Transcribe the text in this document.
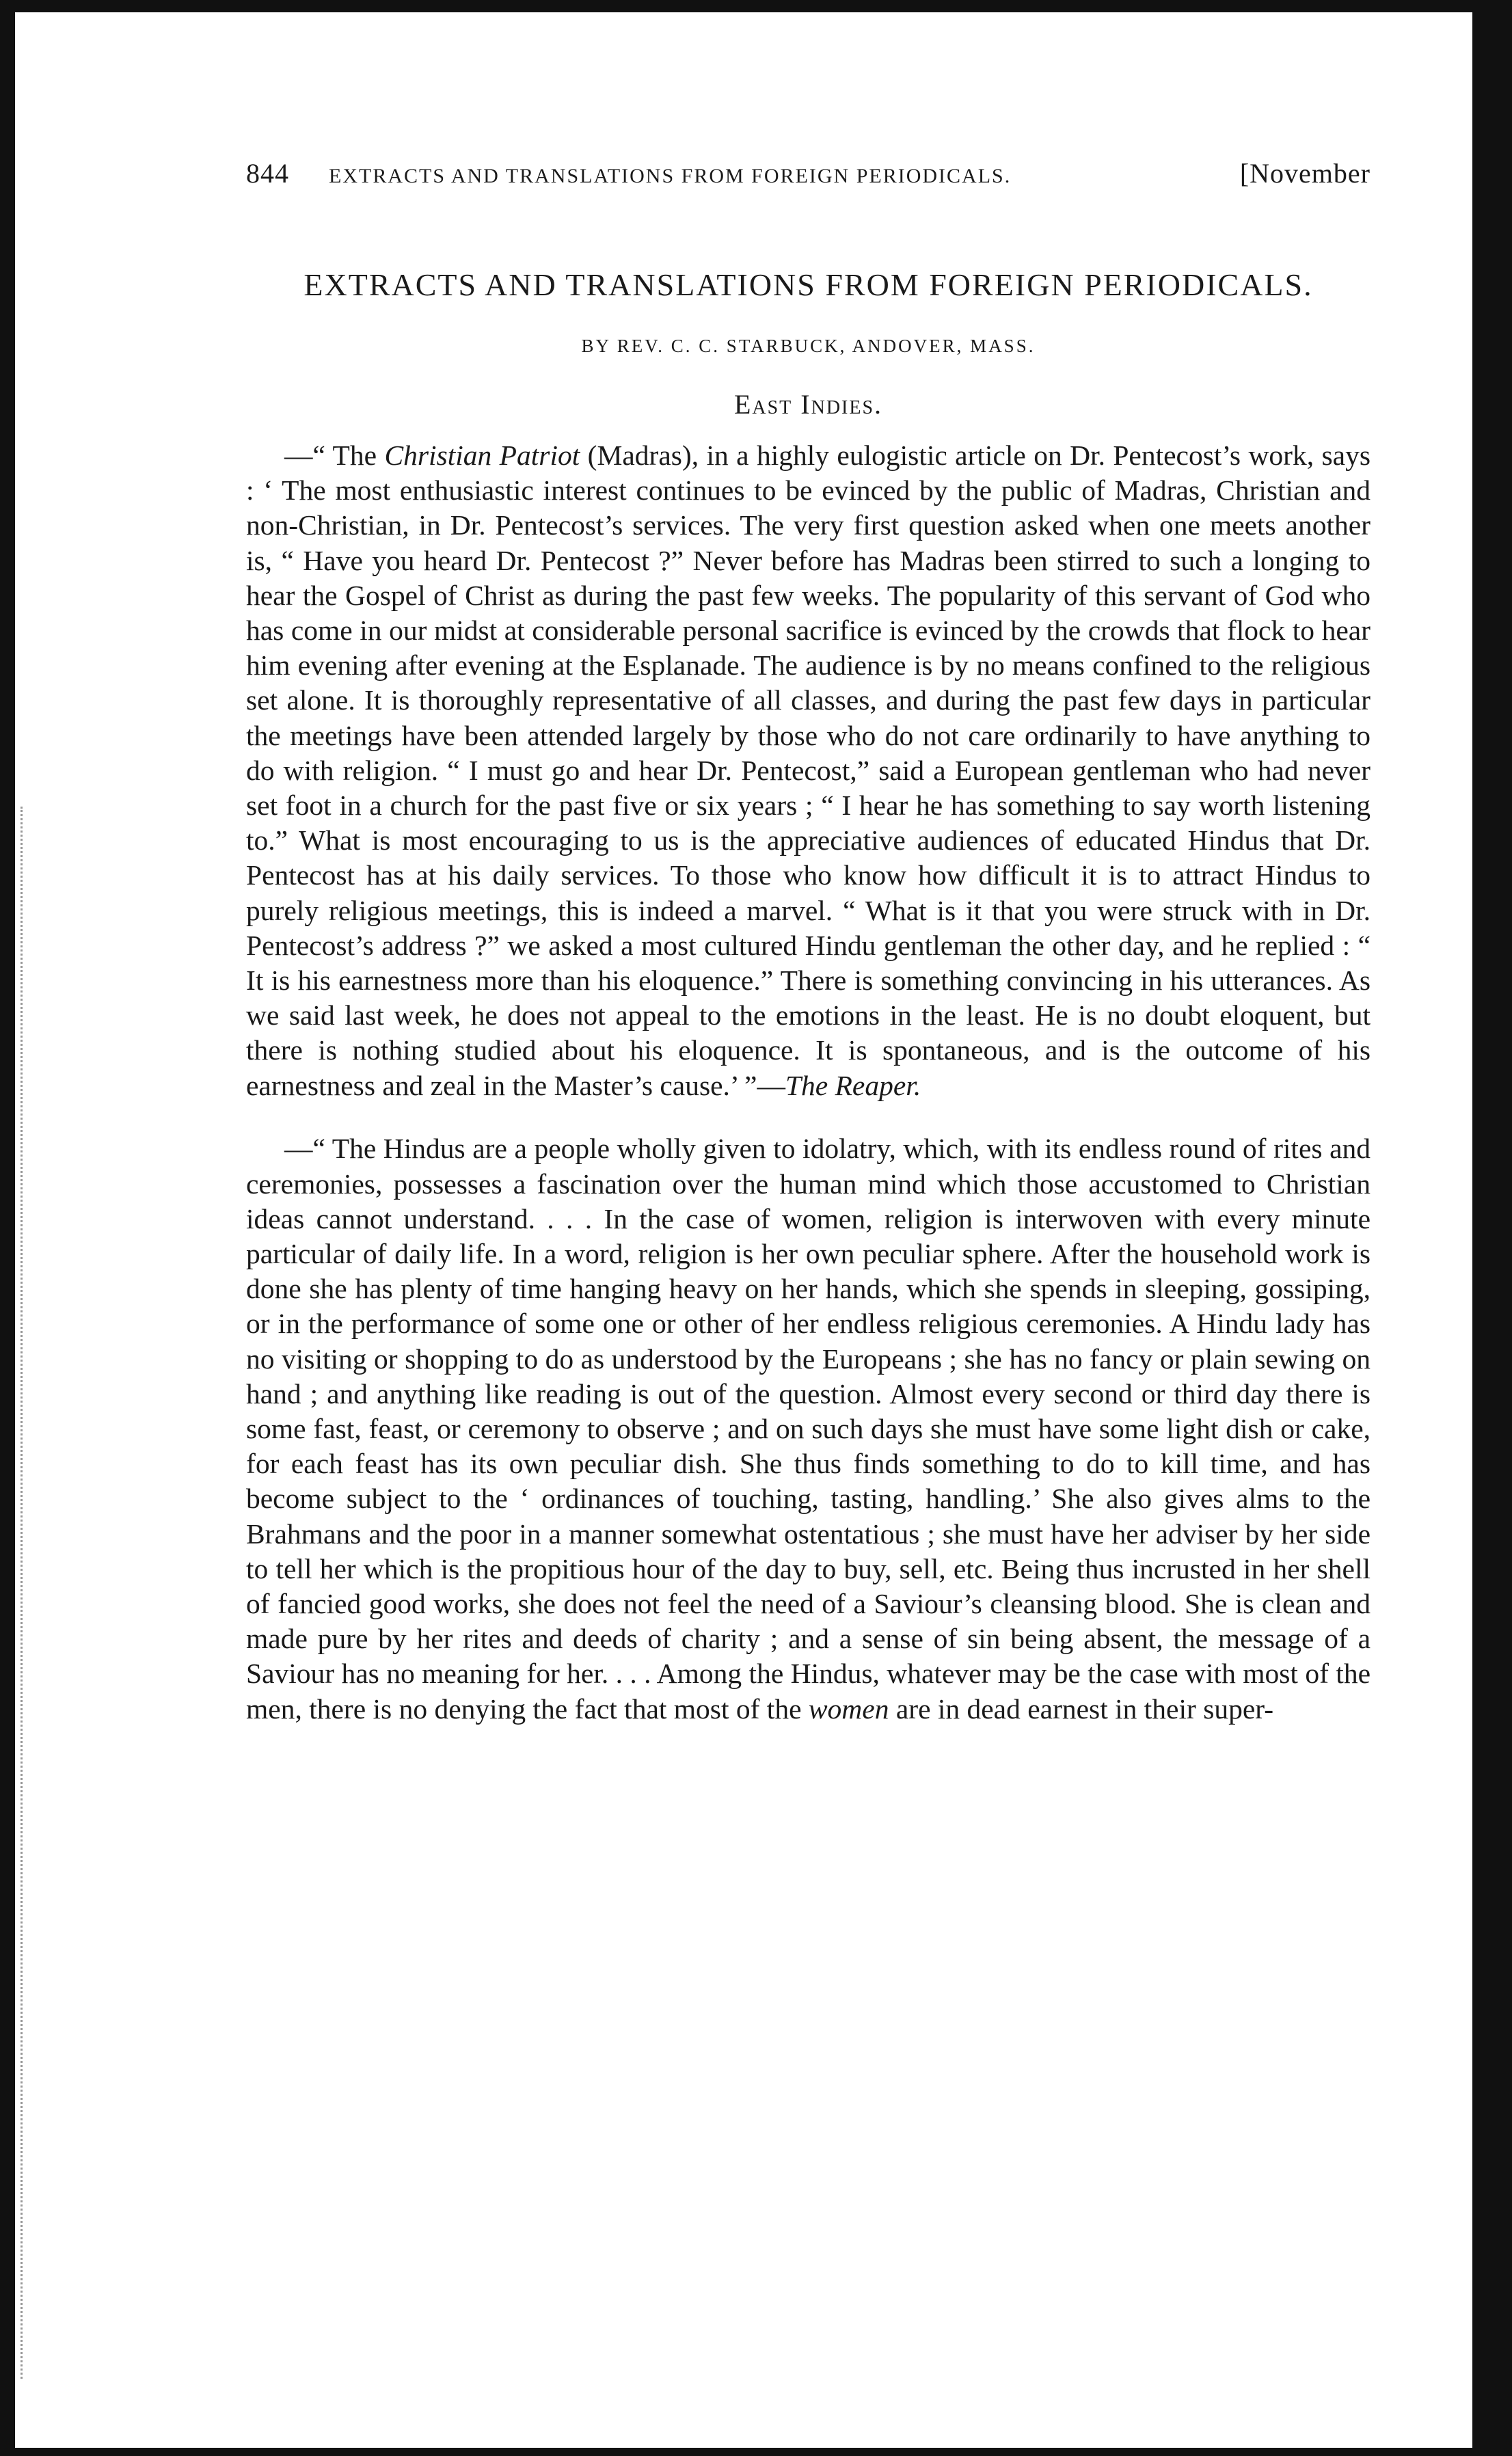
844 EXTRACTS AND TRANSLATIONS FROM FOREIGN PERIODICALS.	[November
EXTRACTS AND TRANSLATIONS FROM FOREIGN PERIODICALS.
BY REV. C. C. STARBUCK, ANDOVER, MASS.
East Indies.

—“ The Christian Patriot (Madras), in a highly eulogistic article on Dr. Pentecost’s work, says : ‘ The most enthusiastic interest continues to be evinced by the public of Madras, Christian and non-Christian, in Dr. Pentecost’s services. The very first question asked when one meets another is, “ Have you heard Dr. Pentecost ?” Never before has Madras been stirred to such a longing to hear the Gospel of Christ as during the past few weeks. The popularity of this servant of God who has come in our midst at considerable personal sacrifice is evinced by the crowds that flock to hear him evening after evening at the Esplanade. The audience is by no means confined to the religious set alone. It is thoroughly representative of all classes, and during the past few days in particular the meetings have been attended largely by those who do not care ordinarily to have anything to do with religion. “ I must go and hear Dr. Pentecost,” said a European gentleman who had never set foot in a church for the past five or six years ; “ I hear he has something to say worth listening to.” What is most encouraging to us is the appreciative audiences of educated Hindus that Dr. Pentecost has at his daily services. To those who know how difficult it is to attract Hindus to purely religious meetings, this is indeed a marvel. “ What is it that you were struck with in Dr. Pentecost’s address ?” we asked a most cultured Hindu gentleman the other day, and he replied : “ It is his earnestness more than his eloquence.” There is something convincing in his utterances. As we said last week, he does not appeal to the emotions in the least. He is no doubt eloquent, but there is nothing studied about his eloquence. It is spontaneous, and is the outcome of his earnestness and zeal in the Master’s cause.’ ”—The Reaper.

—“ The Hindus are a people wholly given to idolatry, which, with its endless round of rites and ceremonies, possesses a fascination over the human mind which those accustomed to Christian ideas cannot understand. . . . In the case of women, religion is interwoven with every minute particular of daily life. In a word, religion is her own peculiar sphere. After the household work is done she has plenty of time hanging heavy on her hands, which she spends in sleeping, gossiping, or in the performance of some one or other of her endless religious ceremonies. A Hindu lady has no visiting or shopping to do as understood by the Europeans ; she has no fancy or plain sewing on hand ; and anything like reading is out of the question. Almost every second or third day there is some fast, feast, or ceremony to observe ; and on such days she must have some light dish or cake, for each feast has its own peculiar dish. She thus finds something to do to kill time, and has become subject to the ‘ ordinances of touching, tasting, handling.’ She also gives alms to the Brahmans and the poor in a manner somewhat ostentatious ; she must have her adviser by her side to tell her which is the propitious hour of the day to buy, sell, etc. Being thus incrusted in her shell of fancied good works, she does not feel the need of a Saviour’s cleansing blood. She is clean and made pure by her rites and deeds of charity ; and a sense of sin being absent, the message of a Saviour has no meaning for her. . . . Among the Hindus, whatever may be the case with most of the men, there is no denying the fact that most of the women are in dead earnest in their super-
